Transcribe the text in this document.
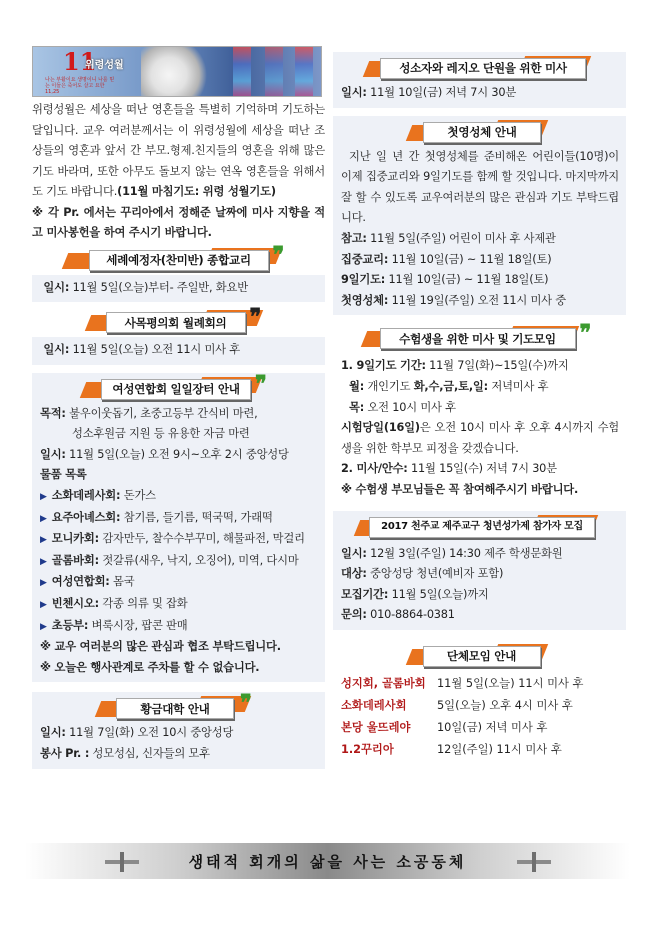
11
위령성월
나는 부활이요 생명이니 나를 믿는 이들은 죽어도 살고 요한 11,25
위령성월은 세상을 떠난 영혼들을 특별히 기억하며 기도하는 달입니다. 교우 여러분께서는 이 위령성월에 세상을 떠난 조상들의 영혼과 앞서 간 부모.형제.친지들의 영혼을 위해 많은 기도 바라며, 또한 아무도 돌보지 않는 연옥 영혼들을 위해서도 기도 바랍니다.(11월 마침기도: 위령 성월기도)
※ 각 Pr. 에서는 꾸리아에서 정해준 날짜에 미사 지향을 적고 미사봉헌을 하여 주시기 바랍니다.
세례예정자(찬미반) 종합교리 ❞
일시: 11월 5일(오늘)부터- 주일반, 화요반
사목평의회 월례회의	❞
일시: 11월 5일(오늘) 오전 11시 미사 후
여성연합회 일일장터 안내 ❞
목적: 불우이웃돕기, 초중고등부 간식비 마련,
성소후원금 지원 등 유용한 자금 마련
일시: 11월 5일(오늘) 오전 9시~오후 2시 중앙성당
물품 목록
▶ 소화데레사회: 돈가스
▶ 요주아녜스회: 참기름, 들기름, 떡국떡, 가래떡
▶ 모니카회: 감자만두, 찰수수부꾸미, 해물파전, 막걸리
▶ 골롬바회: 젓갈류(새우, 낙지, 오징어), 미역, 다시마
▶ 여성연합회: 몸국
▶ 빈첸시오: 각종 의류 및 잡화
▶ 초등부: 벼룩시장, 팝콘 판매
※ 교우 여러분의 많은 관심과 협조 부탁드립니다.
※ 오늘은 행사관계로 주차를 할 수 없습니다.
황금대학 안내	❞
일시: 11월 7일(화) 오전 10시 중앙성당
봉사 Pr. : 성모성심, 신자들의 모후
성소자와 레지오 단원을 위한 미사
일시: 11월 10일(금) 저녁 7시 30분
첫영성체 안내
지난 일 년 간 첫영성체를 준비해온 어린이들(10명)이 이제 집중교리와 9일기도를 함께 할 것입니다. 마지막까지 잘 할 수 있도록 교우여러분의 많은 관심과 기도 부탁드립니다.
참고: 11월 5일(주일) 어린이 미사 후 사제관
집중교리: 11월 10일(금) ~ 11월 18일(토)
9일기도: 11월 10일(금) ~ 11월 18일(토)
첫영성체: 11월 19일(주일) 오전 11시 미사 중
수험생을 위한 미사 및 기도모임	❞
1. 9일기도 기간: 11월 7일(화)~15일(수)까지
월: 개인기도 화,수,금,토,일: 저녁미사 후
목: 오전 10시 미사 후
시험당일(16일)은 오전 10시 미사 후 오후 4시까지 수험생을 위한 학부모 피정을 갖겠습니다.
2. 미사/안수: 11월 15일(수) 저녁 7시 30분
※ 수험생 부모님들은 꼭 참여해주시기 바랍니다.
2017 천주교 제주교구 청년성가제 참가자 모집
일시: 12월 3일(주일) 14:30 제주 학생문화원
대상: 중앙성당 청년(예비자 포함)
모집기간: 11월 5일(오늘)까지
문의: 010-8864-0381
단체모임 안내
성지회, 골롬바회	11월 5일(오늘) 11시 미사 후
소화데레사회	5일(오늘) 오후 4시 미사 후
본당 울뜨레야	10일(금) 저녁 미사 후
1.2꾸리아	12일(주일) 11시 미사 후
생태적 회개의 삶을 사는 소공동체
